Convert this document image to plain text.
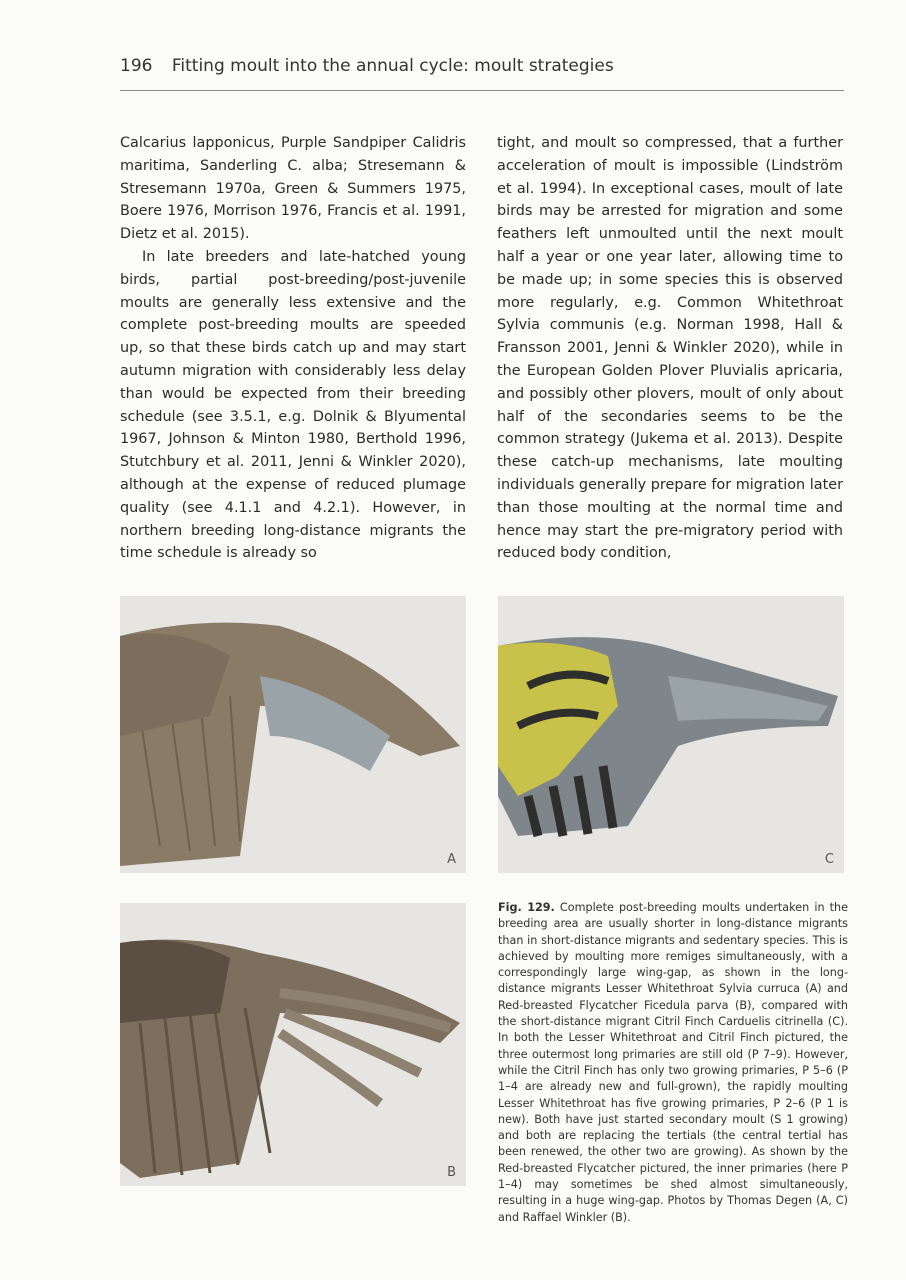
196 Fitting moult into the annual cycle: moult strategies

Calcarius lapponicus, Purple Sandpiper Calidris maritima, Sanderling C. alba; Stresemann & Stresemann 1970a, Green & Summers 1975, Boere 1976, Morrison 1976, Francis et al. 1991, Dietz et al. 2015).

In late breeders and late-hatched young birds, partial post-breeding/post-juvenile moults are generally less extensive and the complete post-breeding moults are speeded up, so that these birds catch up and may start autumn migration with considerably less delay than would be expected from their breeding schedule (see 3.5.1, e.g. Dolnik & Blyumental 1967, Johnson & Minton 1980, Berthold 1996, Stutchbury et al. 2011, Jenni & Winkler 2020), although at the expense of reduced plumage quality (see 4.1.1 and 4.2.1). However, in northern breeding long-distance migrants the time schedule is already so

tight, and moult so compressed, that a further acceleration of moult is impossible (Lindström et al. 1994). In exceptional cases, moult of late birds may be arrested for migration and some feathers left unmoulted until the next moult half a year or one year later, allowing time to be made up; in some species this is observed more regularly, e.g. Common Whitethroat Sylvia communis (e.g. Norman 1998, Hall & Fransson 2001, Jenni & Winkler 2020), while in the European Golden Plover Pluvialis apricaria, and possibly other plovers, moult of only about half of the secondaries seems to be the common strategy (Jukema et al. 2013). Despite these catch-up mechanisms, late moulting individuals generally prepare for migration later than those moulting at the normal time and hence may start the pre-migratory period with reduced body condition,

A	C
B
Fig. 129. Complete post-breeding moults undertaken in the breeding area are usually shorter in long-distance migrants than in short-distance migrants and sedentary species. This is achieved by moulting more remiges simultaneously, with a correspondingly large wing-gap, as shown in the long-distance migrants Lesser Whitethroat Sylvia curruca (A) and Red-breasted Flycatcher Ficedula parva (B), compared with the short-distance migrant Citril Finch Carduelis citrinella (C). In both the Lesser Whitethroat and Citril Finch pictured, the three outermost long primaries are still old (P 7–9). However, while the Citril Finch has only two growing primaries, P 5–6 (P 1–4 are already new and full-grown), the rapidly moulting Lesser Whitethroat has five growing primaries, P 2–6 (P 1 is new). Both have just started secondary moult (S 1 growing) and both are replacing the tertials (the central tertial has been renewed, the other two are growing). As shown by the Red-breasted Flycatcher pictured, the inner primaries (here P 1–4) may sometimes be shed almost simultaneously, resulting in a huge wing-gap. Photos by Thomas Degen (A, C) and Raffael Winkler (B).
